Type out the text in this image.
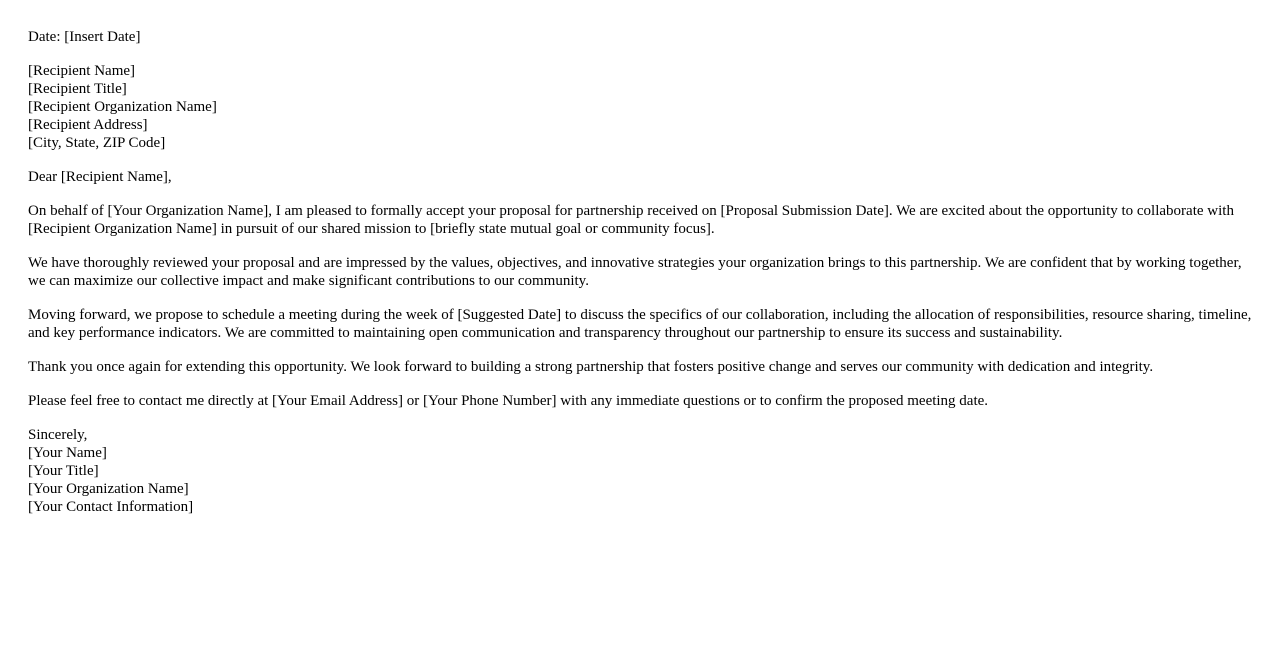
Date: [Insert Date]
[Recipient Name]
[Recipient Title]
[Recipient Organization Name]
[Recipient Address]
[City, State, ZIP Code]
Dear [Recipient Name],

On behalf of [Your Organization Name], I am pleased to formally accept your proposal for partnership received on [Proposal Submission Date]. We are excited about the opportunity to collaborate with [Recipient Organization Name] in pursuit of our shared mission to [briefly state mutual goal or community focus].

We have thoroughly reviewed your proposal and are impressed by the values, objectives, and innovative strategies your organization brings to this partnership. We are confident that by working together, we can maximize our collective impact and make significant contributions to our community.

Moving forward, we propose to schedule a meeting during the week of [Suggested Date] to discuss the specifics of our collaboration, including the allocation of responsibilities, resource sharing, timeline, and key performance indicators. We are committed to maintaining open communication and transparency throughout our partnership to ensure its success and sustainability.

Thank you once again for extending this opportunity. We look forward to building a strong partnership that fosters positive change and serves our community with dedication and integrity.

Please feel free to contact me directly at [Your Email Address] or [Your Phone Number] with any immediate questions or to confirm the proposed meeting date.

Sincerely,
[Your Name]
[Your Title]
[Your Organization Name]
[Your Contact Information]
